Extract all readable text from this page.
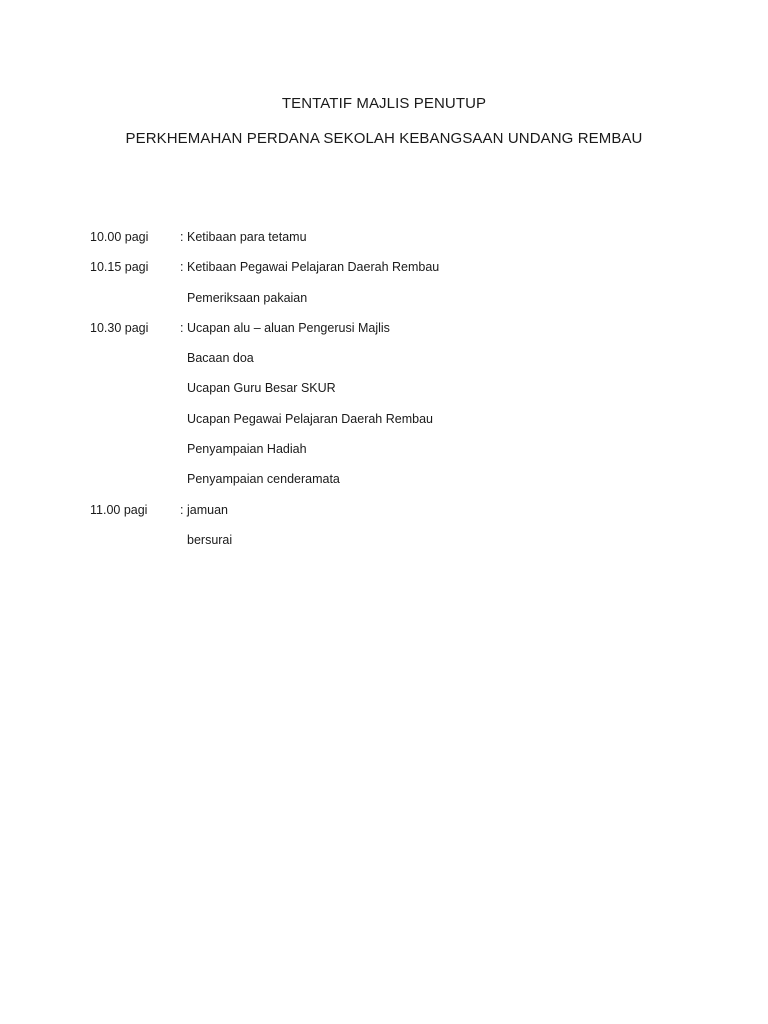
TENTATIF MAJLIS PENUTUP
PERKHEMAHAN PERDANA SEKOLAH KEBANGSAAN UNDANG REMBAU
10.00 pagi	: Ketibaan para tetamu
10.15 pagi	: Ketibaan Pegawai Pelajaran Daerah Rembau
Pemeriksaan pakaian
10.30 pagi	: Ucapan alu – aluan Pengerusi Majlis
Bacaan doa
Ucapan Guru Besar SKUR
Ucapan Pegawai Pelajaran Daerah Rembau
Penyampaian Hadiah
Penyampaian cenderamata
11.00 pagi	: jamuan
bersurai
